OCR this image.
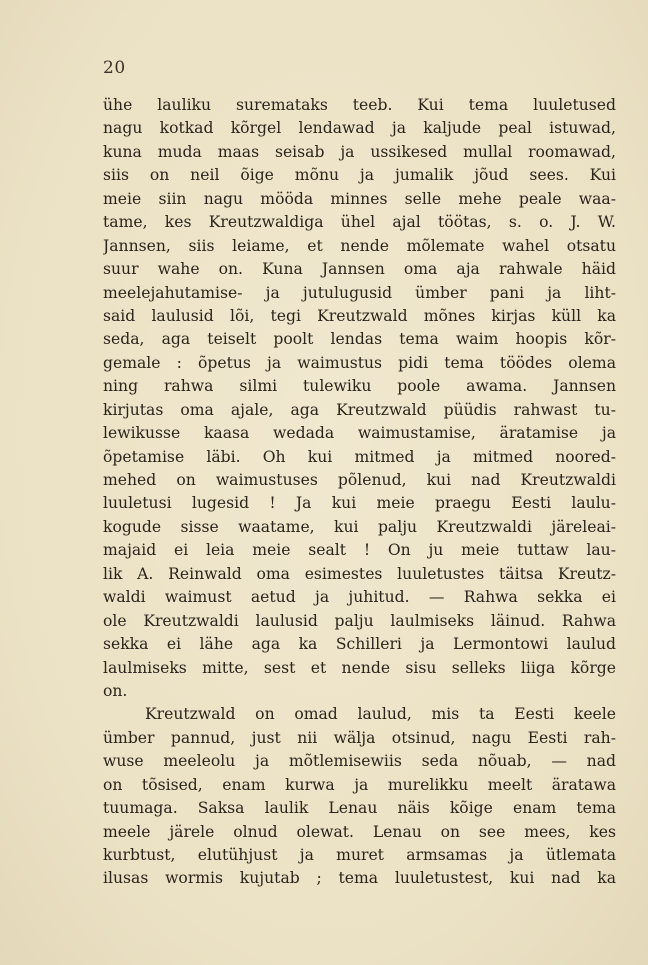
20
ühe lauliku suremataks teeb. Kui tema luuletused
nagu kotkad kõrgel lendawad ja kaljude peal istuwad,
kuna muda maas seisab ja ussikesed mullal roomawad,
siis on neil õige mõnu ja jumalik jõud sees. Kui
meie siin nagu mööda minnes selle mehe peale waa-
tame, kes Kreutzwaldiga ühel ajal töötas, s. o. J. W.
Jannsen, siis leiame, et nende mõlemate wahel otsatu
suur wahe on. Kuna Jannsen oma aja rahwale häid
meelejahutamise- ja jutulugusid ümber pani ja liht-
said laulusid lõi, tegi Kreutzwald mõnes kirjas küll ka
seda, aga teiselt poolt lendas tema waim hoopis kõr-
gemale : õpetus ja waimustus pidi tema töödes olema
ning rahwa silmi tulewiku poole awama. Jannsen
kirjutas oma ajale, aga Kreutzwald püüdis rahwast tu-
lewikusse kaasa wedada waimustamise, äratamise ja
õpetamise läbi. Oh kui mitmed ja mitmed noored-
mehed on waimustuses põlenud, kui nad Kreutzwaldi
luuletusi lugesid ! Ja kui meie praegu Eesti laulu-
kogude sisse waatame, kui palju Kreutzwaldi järeleai-
majaid ei leia meie sealt ! On ju meie tuttaw lau-
lik A. Reinwald oma esimestes luuletustes täitsa Kreutz-
waldi waimust aetud ja juhitud. — Rahwa sekka ei
ole Kreutzwaldi laulusid palju laulmiseks läinud. Rahwa
sekka ei lähe aga ka Schilleri ja Lermontowi laulud
laulmiseks mitte, sest et nende sisu selleks liiga kõrge
on.
Kreutzwald on omad laulud, mis ta Eesti keele
ümber pannud, just nii wälja otsinud, nagu Eesti rah-
wuse meeleolu ja mõtlemisewiis seda nõuab, — nad
on tõsised, enam kurwa ja murelikku meelt äratawa
tuumaga. Saksa laulik Lenau näis kõige enam tema
meele järele olnud olewat. Lenau on see mees, kes
kurbtust, elutühjust ja muret armsamas ja ütlemata
ilusas wormis kujutab ; tema luuletustest, kui nad ka
